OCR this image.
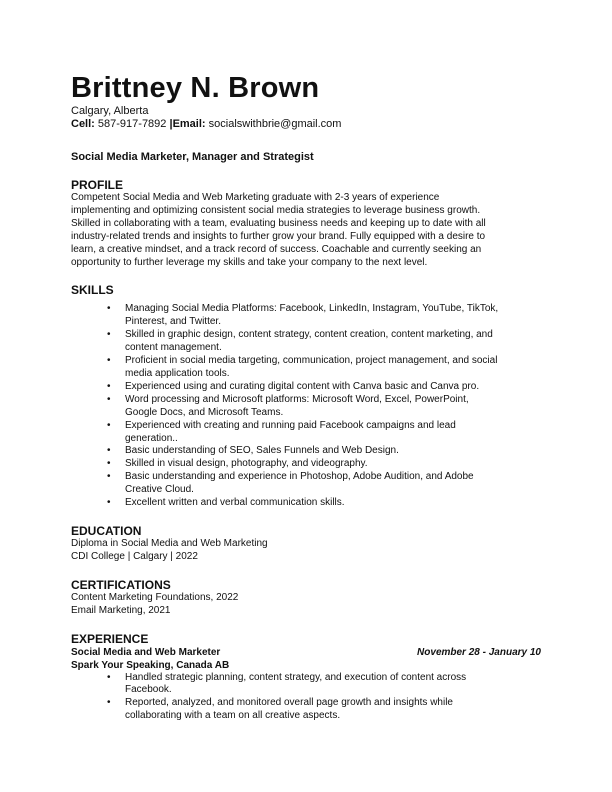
Brittney N. Brown
Calgary, Alberta
Cell: 587-917-7892 |Email: socialswithbrie@gmail.com
Social Media Marketer, Manager and Strategist
PROFILE
Competent Social Media and Web Marketing graduate with 2-3 years of experience
implementing and optimizing consistent social media strategies to leverage business growth.
Skilled in collaborating with a team, evaluating business needs and keeping up to date with all
industry-related trends and insights to further grow your brand. Fully equipped with a desire to
learn, a creative mindset, and a track record of success. Coachable and currently seeking an
opportunity to further leverage my skills and take your company to the next level.
SKILLS
• Managing Social Media Platforms: Facebook, LinkedIn, Instagram, YouTube, TikTok,
Pinterest, and Twitter.
• Skilled in graphic design, content strategy, content creation, content marketing, and
content management.
• Proficient in social media targeting, communication, project management, and social
media application tools.
• Experienced using and curating digital content with Canva basic and Canva pro.
• Word processing and Microsoft platforms: Microsoft Word, Excel, PowerPoint,
Google Docs, and Microsoft Teams.
• Experienced with creating and running paid Facebook campaigns and lead
generation..
• Basic understanding of SEO, Sales Funnels and Web Design.
• Skilled in visual design, photography, and videography.
• Basic understanding and experience in Photoshop, Adobe Audition, and Adobe
Creative Cloud.
• Excellent written and verbal communication skills.
EDUCATION
Diploma in Social Media and Web Marketing
CDI College | Calgary | 2022
CERTIFICATIONS
Content Marketing Foundations, 2022
Email Marketing, 2021
EXPERIENCE
Social Media and Web Marketer	November 28 - January 10
Spark Your Speaking, Canada AB
• Handled strategic planning, content strategy, and execution of content across
Facebook.
• Reported, analyzed, and monitored overall page growth and insights while
collaborating with a team on all creative aspects.
